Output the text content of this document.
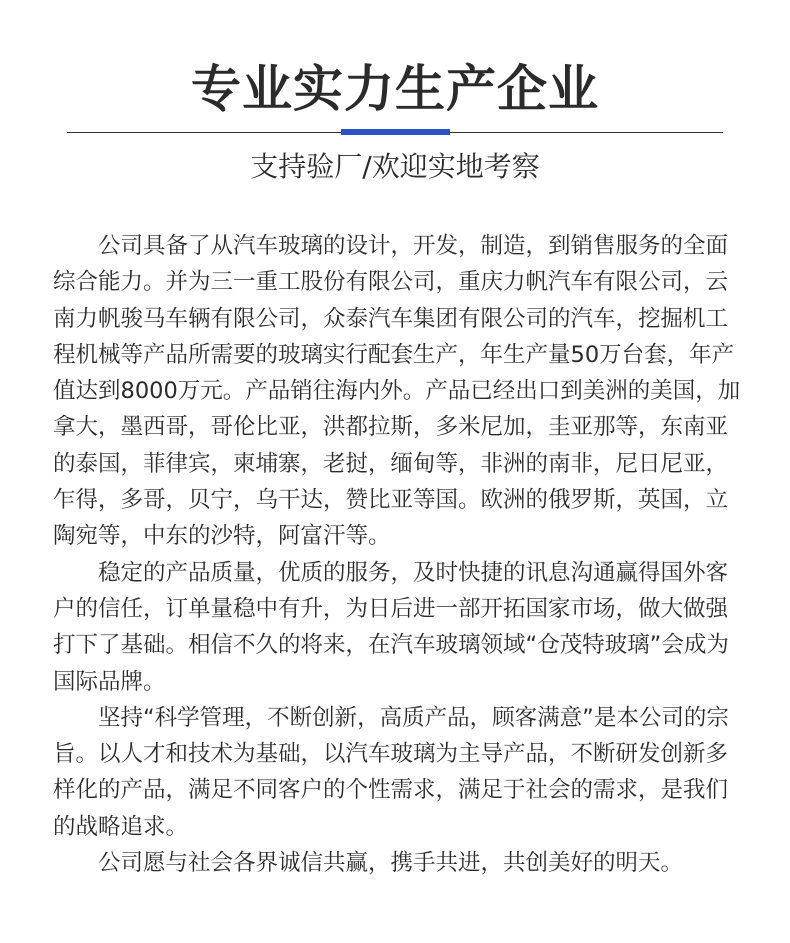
专业实力生产企业
支持验厂/欢迎实地考察

公司具备了从汽车玻璃的设计，开发，制造，到销售服务的全面综合能力。并为三一重工股份有限公司，重庆力帆汽车有限公司，云南力帆骏马车辆有限公司，众泰汽车集团有限公司的汽车，挖掘机工程机械等产品所需要的玻璃实行配套生产，年生产量50万台套，年产值达到8000万元。产品销往海内外。产品已经出口到美洲的美国，加拿大，墨西哥，哥伦比亚，洪都拉斯，多米尼加，圭亚那等，东南亚的泰国，菲律宾，柬埔寨，老挝，缅甸等，非洲的南非，尼日尼亚，乍得，多哥，贝宁，乌干达，赞比亚等国。欧洲的俄罗斯，英国，立陶宛等，中东的沙特，阿富汗等。

稳定的产品质量，优质的服务，及时快捷的讯息沟通赢得国外客户的信任，订单量稳中有升，为日后进一部开拓国家市场，做大做强打下了基础。相信不久的将来，在汽车玻璃领域“仓茂特玻璃”会成为国际品牌。

坚持“科学管理，不断创新，高质产品，顾客满意”是本公司的宗旨。以人才和技术为基础，以汽车玻璃为主导产品，不断研发创新多样化的产品，满足不同客户的个性需求，满足于社会的需求，是我们的战略追求。

公司愿与社会各界诚信共赢，携手共进，共创美好的明天。
